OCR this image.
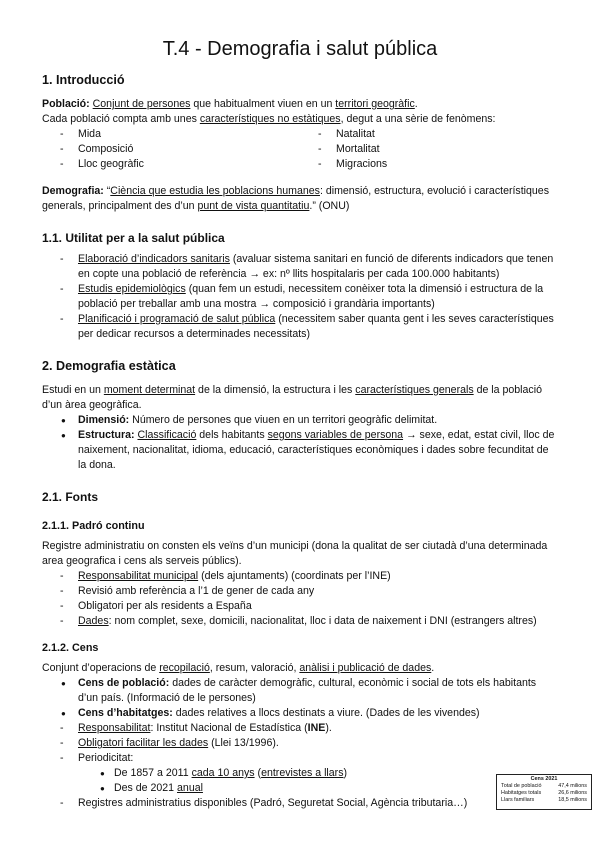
T.4 - Demografia i salut pública
1. Introducció

Població: Conjunt de persones que habitualment viuen en un territori geogràfic.

Cada població compta amb unes característiques no estàtiques, degut a una sèrie de fenòmens:

- Mida
- Composició
- Lloc geogràfic
- Natalitat
- Mortalitat
- Migracions

Demografia: “Ciència que estudia les poblacions humanes: dimensió, estructura, evolució i característiques generals, principalment des d’un punt de vista quantitatiu.” (ONU)

1.1. Utilitat per a la salut pública
- Elaboració d’indicadors sanitaris (avaluar sistema sanitari en funció de diferents indicadors que tenen en copte una població de referència → ex: nº llits hospitalaris per cada 100.000 habitants)
- Estudis epidemiològics (quan fem un estudi, necessitem conèixer tota la dimensió i estructura de la població per treballar amb una mostra → composició i grandària importants)
- Planificació i programació de salut pública (necessitem saber quanta gent i les seves característiques per dedicar recursos a determinades necessitats)
2. Demografia estàtica

Estudi en un moment determinat de la dimensió, la estructura i les característiques generals de la població d’un àrea geogràfica.

● Dimensió: Número de persones que viuen en un territori geogràfic delimitat.
● Estructura: Classificació dels habitants segons variables de persona → sexe, edat, estat civil, lloc de naixement, nacionalitat, idioma, educació, característiques econòmiques i dades sobre fecunditat de la dona.
2.1. Fonts
2.1.1. Padró continu

Registre administratiu on consten els veïns d’un municipi (dona la qualitat de ser ciutadà d’una determinada area geografica i cens als serveis públics).

- Responsabilitat municipal (dels ajuntaments) (coordinats per l’INE)
- Revisió amb referència a l’1 de gener de cada any
- Obligatori per als residents a España
- Dades: nom complet, sexe, domicili, nacionalitat, lloc i data de naixement i DNI (estrangers altres)
2.1.2. Cens

Conjunt d’operacions de recopilació, resum, valoració, anàlisi i publicació de dades.

● Cens de població: dades de caràcter demogràfic, cultural, econòmic i social de tots els habitants d’un país. (Informació de le persones)
● Cens d’habitatges: dades relatives a llocs destinats a viure. (Dades de les vivendes)
- Responsabilitat: Institut Nacional de Estadística (INE).
- Obligatori facilitar les dades (Llei 13/1996).
- Periodicitat:
● De 1857 a 2011 cada 10 anys (entrevistes a llars)
● Des de 2021 anual
- Registres administratius disponibles (Padró, Seguretat Social, Agència tributaria…)
Cens 2021
Total de població	47,4 milions
Habitatges totals	26,6 milions
Llars familiars	18,5 milions
